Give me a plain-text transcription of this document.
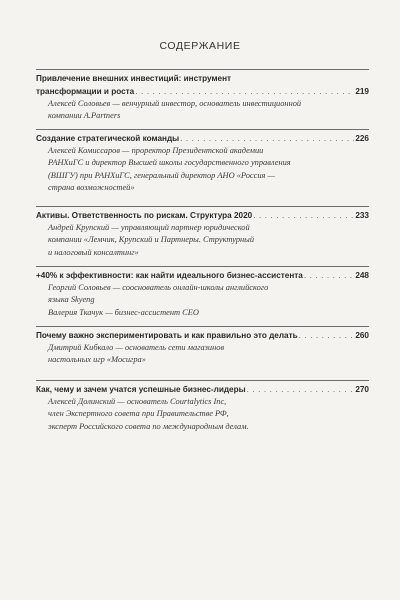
СОДЕРЖАНИЕ
Привлечение внешних инвестиций: инструмент
трансформации и роста . . .	219
Алексей Соловьев — венчурный инвестор, основатель инвестиционной
компании A.Partners
Создание стратегической команды . . .	226
Алексей Комиссаров — проректор Президентской академии
РАНХиГС и директор Высшей школы государственного управления
(ВШГУ) при РАНХиГС, генеральный директор АНО «Россия —
страна возможностей»
Активы. Ответственность по рискам. Структура 2020 . . .	233
Андрей Крупский — управляющий партнер юридической
компании «Лемчик, Крупский и Партнеры. Структурный
и налоговый консалтинг»
+40% к эффективности: как найти идеального бизнес-ассистента . . .	248
Георгий Соловьев — сооснователь онлайн-школы английского
языка Skyeng
Валерия Ткачук — бизнес-ассистент CEO
Почему важно экспериментировать и как правильно это делать . . .	260
Дмитрий Кибкало — основатель сети магазинов
настольных игр «Мосигра»
Как, чему и зачем учатся успешные бизнес-лидеры . . .	270
Алексей Долинский — основатель Courtalytics Inc,
член Экспертного совета при Правительстве РФ,
эксперт Российского совета по международным делам.
